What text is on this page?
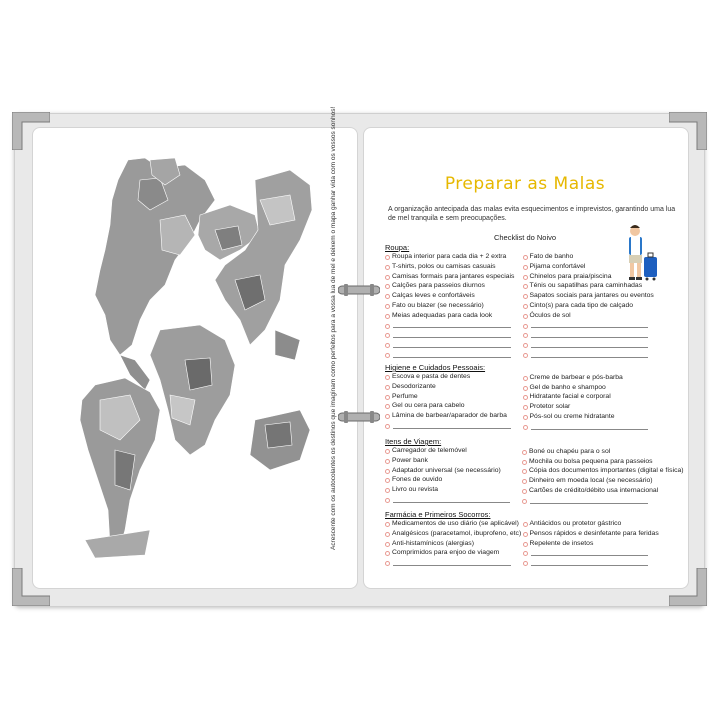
Acrescente com os autocolantes os destinos que imaginam como perfeitos para a vossa lua de mel e deixem o mapa ganhar vida com os vossos sonhos!	Preparar as Malas
A organização antecipada das malas evita esquecimentos e imprevistos, garantindo uma lua de mel tranquila e sem preocupações.
Checklist do Noivo
Roupa:
Roupa interior para cada dia + 2 extra
T-shirts, polos ou camisas casuais
Camisas formais para jantares especiais
Calções para passeios diurnos
Calças leves e confortáveis
Fato ou blazer (se necessário)
Meias adequadas para cada look
Fato de banho
Pijama confortável
Chinelos para praia/piscina
Ténis ou sapatilhas para caminhadas
Sapatos sociais para jantares ou eventos
Cinto(s) para cada tipo de calçado
Óculos de sol
Higiene e Cuidados Pessoais:
Escova e pasta de dentes
Desodorizante
Perfume
Gel ou cera para cabelo
Lâmina de barbear/aparador de barba
Creme de barbear e pós-barba
Gel de banho e shampoo
Hidratante facial e corporal
Protetor solar
Pós-sol ou creme hidratante
Itens de Viagem:
Carregador de telemóvel
Power bank
Adaptador universal (se necessário)
Fones de ouvido
Livro ou revista
Boné ou chapéu para o sol
Mochila ou bolsa pequena para passeios
Cópia dos documentos importantes (digital e física)
Dinheiro em moeda local (se necessário)
Cartões de crédito/débito usa internacional
Farmácia e Primeiros Socorros:
Medicamentos de uso diário (se aplicável)
Analgésicos (paracetamol, ibuprofeno, etc)
Anti-histamínicos (alergias)
Comprimidos para enjoo de viagem
Antiácidos ou protetor gástrico
Pensos rápidos e desinfetante para feridas
Repelente de insetos
